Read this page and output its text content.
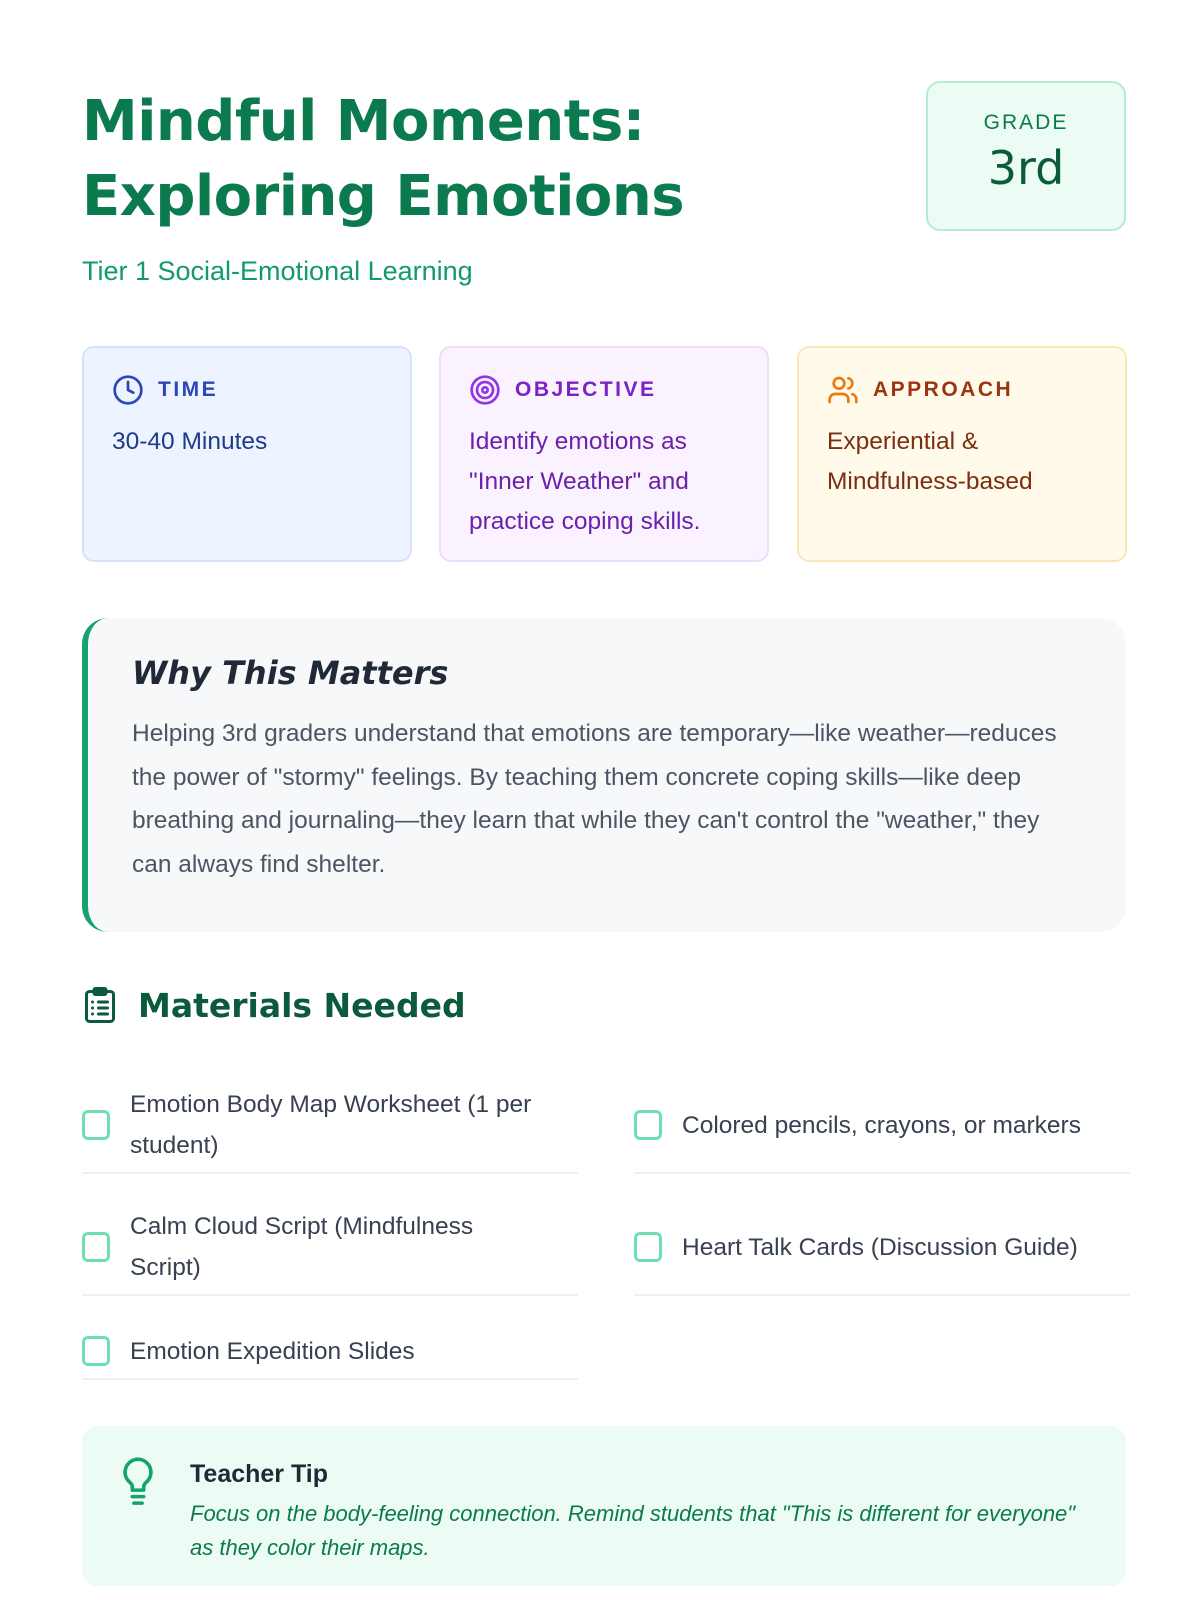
Mindful Moments:
Exploring Emotions
Tier 1 Social-Emotional Learning
GRADE
3rd
TIME
30-40 Minutes
OBJECTIVE
Identify emotions as "Inner Weather" and practice coping skills.
APPROACH
Experiential & Mindfulness-based
Why This Matters

Helping 3rd graders understand that emotions are temporary—like weather—reduces the power of "stormy" feelings. By teaching them concrete coping skills—like deep breathing and journaling—they learn that while they can't control the "weather," they can always find shelter.

Materials Needed
Emotion Body Map Worksheet (1 per student)
Colored pencils, crayons, or markers
Calm Cloud Script (Mindfulness Script)
Heart Talk Cards (Discussion Guide)
Emotion Expedition Slides
Teacher Tip
Focus on the body-feeling connection. Remind students that "This is different for everyone" as they color their maps.
